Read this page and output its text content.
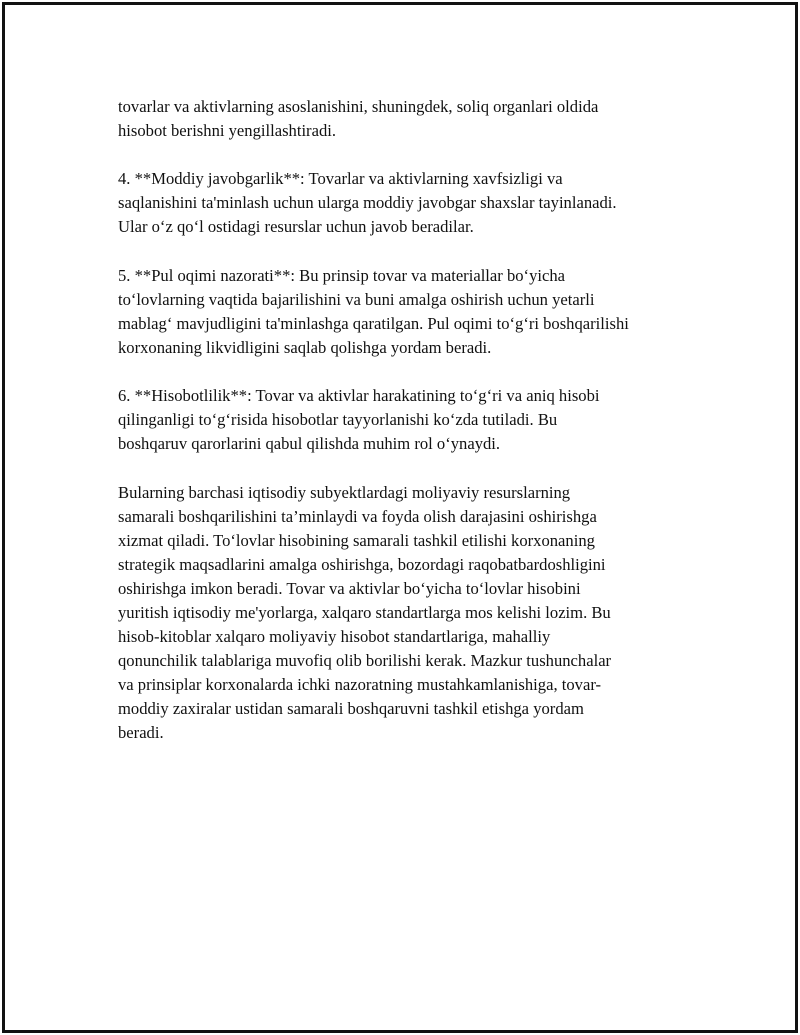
tovarlar va aktivlarning asoslanishini, shuningdek, soliq organlari oldida
hisobot berishni yengillashtiradi.

4. **Moddiy javobgarlik**: Tovarlar va aktivlarning xavfsizligi va
saqlanishini ta'minlash uchun ularga moddiy javobgar shaxslar tayinlanadi.
Ular o‘z qo‘l ostidagi resurslar uchun javob beradilar.

5. **Pul oqimi nazorati**: Bu prinsip tovar va materiallar bo‘yicha
to‘lovlarning vaqtida bajarilishini va buni amalga oshirish uchun yetarli
mablag‘ mavjudligini ta'minlashga qaratilgan. Pul oqimi to‘g‘ri boshqarilishi
korxonaning likvidligini saqlab qolishga yordam beradi.

6. **Hisobotlilik**: Tovar va aktivlar harakatining to‘g‘ri va aniq hisobi
qilinganligi to‘g‘risida hisobotlar tayyorlanishi ko‘zda tutiladi. Bu
boshqaruv qarorlarini qabul qilishda muhim rol o‘ynaydi.

Bularning barchasi iqtisodiy subyektlardagi moliyaviy resurslarning
samarali boshqarilishini ta’minlaydi va foyda olish darajasini oshirishga
xizmat qiladi. To‘lovlar hisobining samarali tashkil etilishi korxonaning
strategik maqsadlarini amalga oshirishga, bozordagi raqobatbardoshligini
oshirishga imkon beradi. Tovar va aktivlar bo‘yicha to‘lovlar hisobini
yuritish iqtisodiy me'yorlarga, xalqaro standartlarga mos kelishi lozim. Bu
hisob-kitoblar xalqaro moliyaviy hisobot standartlariga, mahalliy
qonunchilik talablariga muvofiq olib borilishi kerak. Mazkur tushunchalar
va prinsiplar korxonalarda ichki nazoratning mustahkamlanishiga, tovar-
moddiy zaxiralar ustidan samarali boshqaruvni tashkil etishga yordam
beradi.
